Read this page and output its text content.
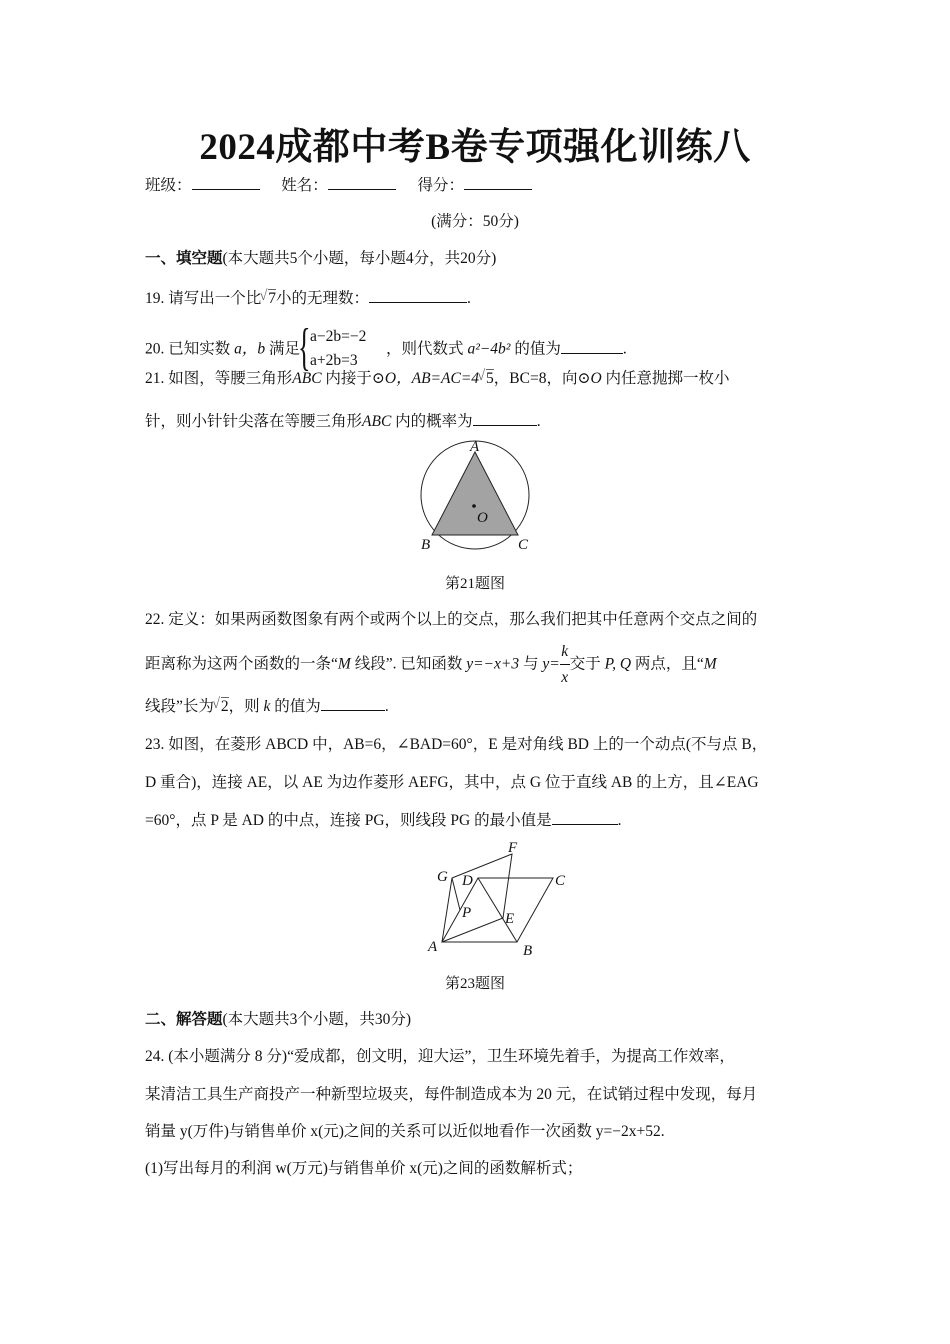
2024成都中考B卷专项强化训练八
班级：	姓名：	得分：
(满分：50分)
一、填空题(本大题共5个小题，每小题4分，共20分)
19. 请写出一个比 √ 7小的无理数：	.
20. 已知实数 a，b 满足
{ a−2b=−2
a+2b=3
，则代数式 a²−4b² 的值为	.
21. 如图，等腰三角形ABC 内接于⊙O，AB=AC=4 √ 5，BC=8，向⊙O 内任意抛掷一枚小
针，则小针针尖落在等腰三角形ABC 内的概率为	.
A
B	C
O
第21题图
22. 定义：如果两函数图象有两个或两个以上的交点，那么我们把其中任意两个交点之间的
距离称为这两个函数的一条“M 线段”. 已知函数 y=−x+3 与 $y= \frac{k}{x}$ 交于 P, Q 两点，且“M
线段”长为 √ 2，则 k 的值为	.
23. 如图，在菱形 ABCD 中，AB=6，∠BAD=60°，E 是对角线 BD 上的一个动点(不与点 B，
D 重合)，连接 AE，以 AE 为边作菱形 AEFG，其中，点 G 位于直线 AB 的上方，且∠EAG
=60°，点 P 是 AD 的中点，连接 PG，则线段 PG 的最小值是	.
A	B
C
D
E
F
G
P
第23题图
二、解答题(本大题共3个小题，共30分)
24. (本小题满分 8 分)“爱成都，创文明，迎大运”，卫生环境先着手，为提高工作效率，
某清洁工具生产商投产一种新型垃圾夹，每件制造成本为 20 元，在试销过程中发现，每月
销量 y(万件)与销售单价 x(元)之间的关系可以近似地看作一次函数 y=−2x+52.
(1)写出每月的利润 w(万元)与销售单价 x(元)之间的函数解析式；
